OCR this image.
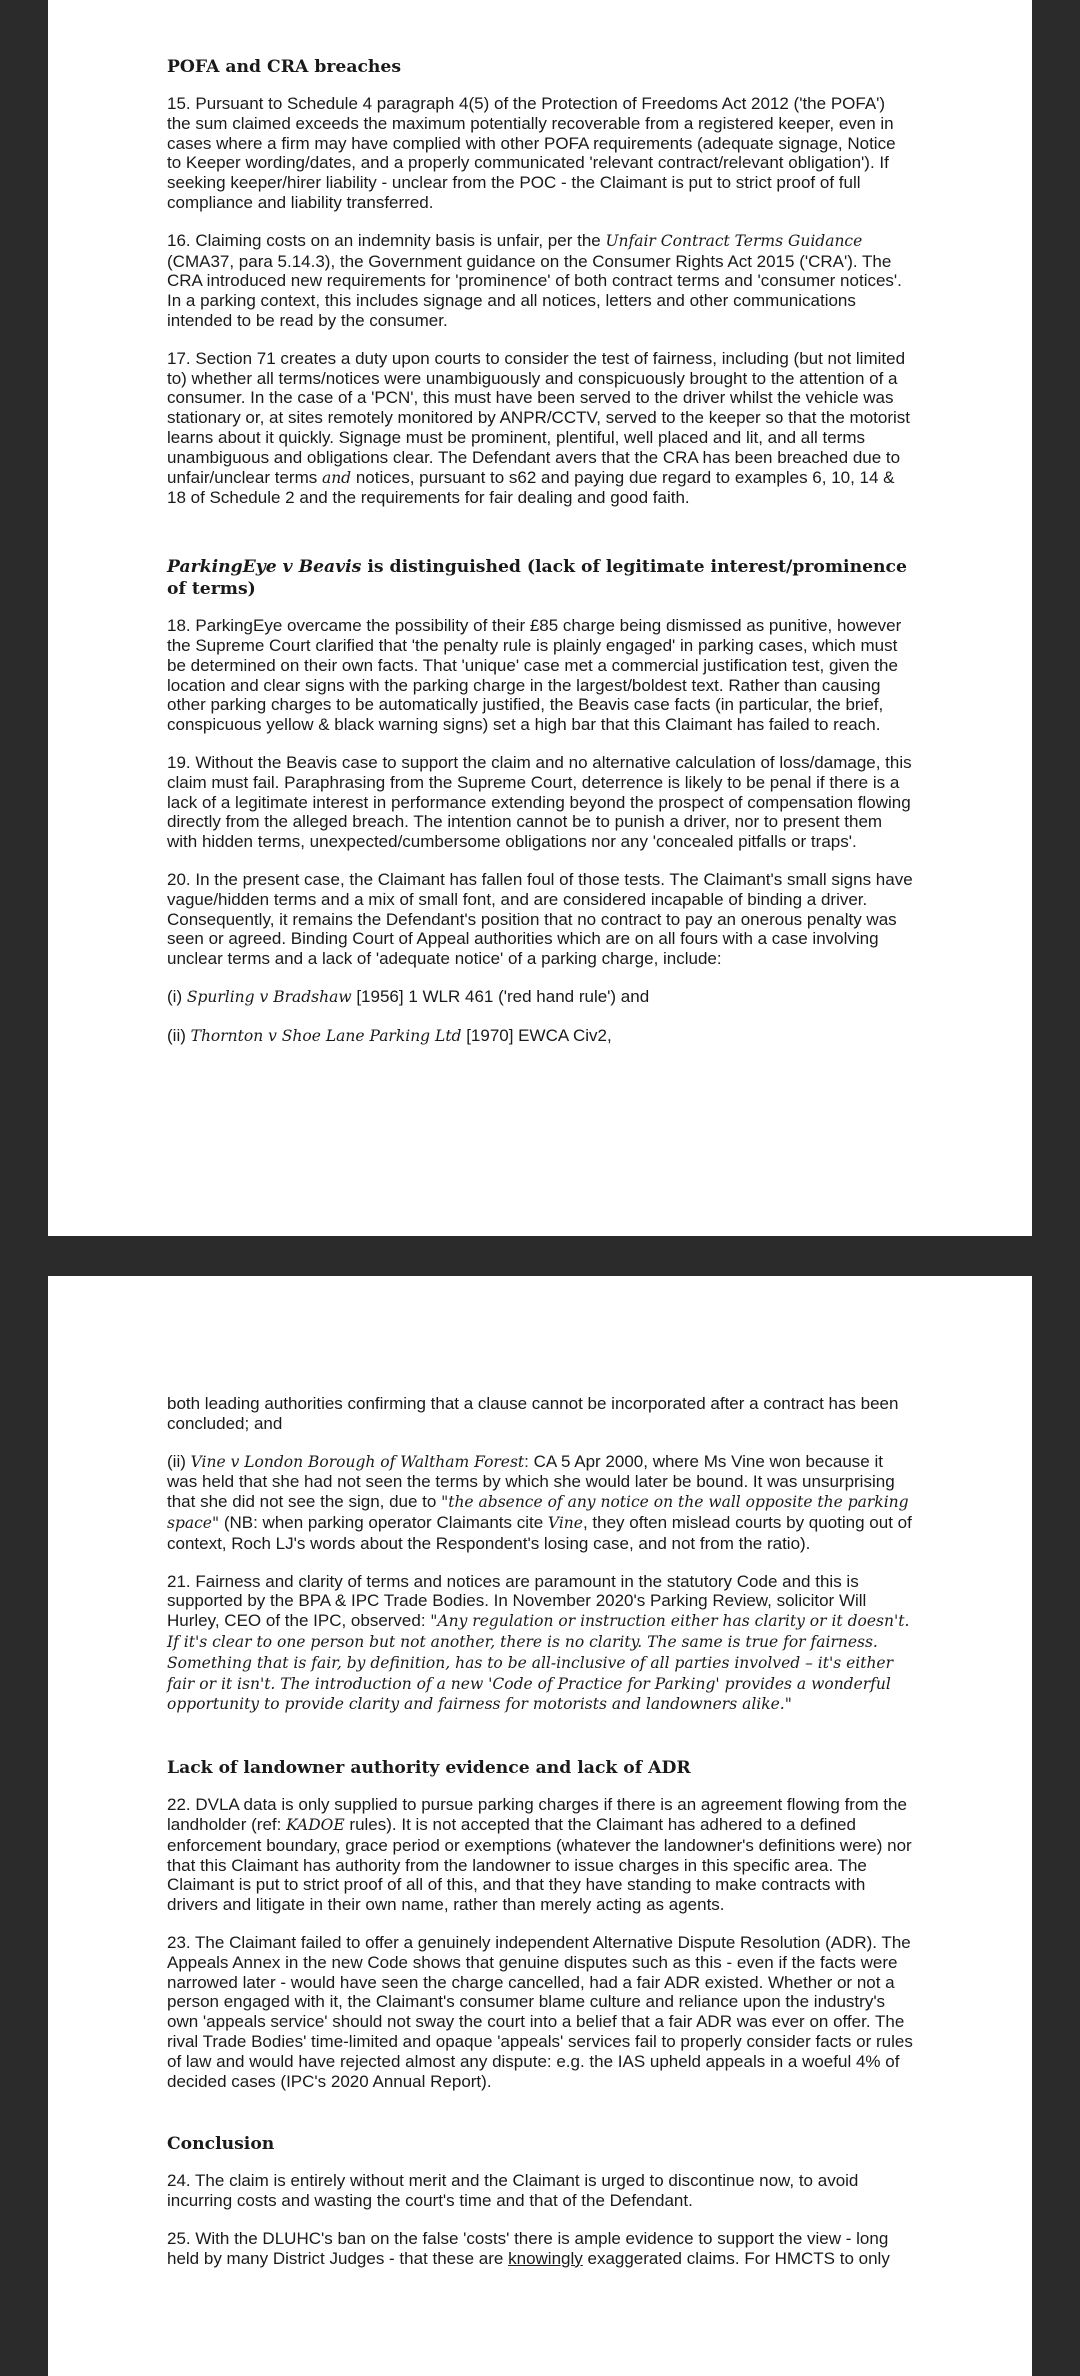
POFA and CRA breaches

15. Pursuant to Schedule 4 paragraph 4(5) of the Protection of Freedoms Act 2012 ('the POFA') the sum claimed exceeds the maximum potentially recoverable from a registered keeper, even in cases where a firm may have complied with other POFA requirements (adequate signage, Notice to Keeper wording/dates, and a properly communicated 'relevant contract/relevant obligation'). If seeking keeper/hirer liability - unclear from the POC - the Claimant is put to strict proof of full compliance and liability transferred.

16. Claiming costs on an indemnity basis is unfair, per the Unfair Contract Terms Guidance (CMA37, para 5.14.3), the Government guidance on the Consumer Rights Act 2015 ('CRA'). The CRA introduced new requirements for 'prominence' of both contract terms and 'consumer notices'. In a parking context, this includes signage and all notices, letters and other communications intended to be read by the consumer.

17. Section 71 creates a duty upon courts to consider the test of fairness, including (but not limited to) whether all terms/notices were unambiguously and conspicuously brought to the attention of a consumer. In the case of a 'PCN', this must have been served to the driver whilst the vehicle was stationary or, at sites remotely monitored by ANPR/CCTV, served to the keeper so that the motorist learns about it quickly. Signage must be prominent, plentiful, well placed and lit, and all terms unambiguous and obligations clear. The Defendant avers that the CRA has been breached due to unfair/unclear terms and notices, pursuant to s62 and paying due regard to examples 6, 10, 14 & 18 of Schedule 2 and the requirements for fair dealing and good faith.

ParkingEye v Beavis is distinguished (lack of legitimate interest/prominence of terms)

18. ParkingEye overcame the possibility of their £85 charge being dismissed as punitive, however the Supreme Court clarified that 'the penalty rule is plainly engaged' in parking cases, which must be determined on their own facts. That 'unique' case met a commercial justification test, given the location and clear signs with the parking charge in the largest/boldest text. Rather than causing other parking charges to be automatically justified, the Beavis case facts (in particular, the brief, conspicuous yellow & black warning signs) set a high bar that this Claimant has failed to reach.

19. Without the Beavis case to support the claim and no alternative calculation of loss/damage, this claim must fail. Paraphrasing from the Supreme Court, deterrence is likely to be penal if there is a lack of a legitimate interest in performance extending beyond the prospect of compensation flowing directly from the alleged breach. The intention cannot be to punish a driver, nor to present them with hidden terms, unexpected/cumbersome obligations nor any 'concealed pitfalls or traps'.

20. In the present case, the Claimant has fallen foul of those tests. The Claimant's small signs have vague/hidden terms and a mix of small font, and are considered incapable of binding a driver. Consequently, it remains the Defendant's position that no contract to pay an onerous penalty was seen or agreed. Binding Court of Appeal authorities which are on all fours with a case involving unclear terms and a lack of 'adequate notice' of a parking charge, include:

(i) Spurling v Bradshaw [1956] 1 WLR 461 ('red hand rule') and

(ii) Thornton v Shoe Lane Parking Ltd [1970] EWCA Civ2,

both leading authorities confirming that a clause cannot be incorporated after a contract has been concluded; and

(ii) Vine v London Borough of Waltham Forest: CA 5 Apr 2000, where Ms Vine won because it was held that she had not seen the terms by which she would later be bound. It was unsurprising that she did not see the sign, due to "the absence of any notice on the wall opposite the parking space" (NB: when parking operator Claimants cite Vine, they often mislead courts by quoting out of context, Roch LJ's words about the Respondent's losing case, and not from the ratio).

21. Fairness and clarity of terms and notices are paramount in the statutory Code and this is supported by the BPA & IPC Trade Bodies. In November 2020's Parking Review, solicitor Will Hurley, CEO of the IPC, observed: "Any regulation or instruction either has clarity or it doesn't. If it's clear to one person but not another, there is no clarity. The same is true for fairness. Something that is fair, by definition, has to be all-inclusive of all parties involved – it's either fair or it isn't. The introduction of a new 'Code of Practice for Parking' provides a wonderful opportunity to provide clarity and fairness for motorists and landowners alike."

Lack of landowner authority evidence and lack of ADR

22. DVLA data is only supplied to pursue parking charges if there is an agreement flowing from the landholder (ref: KADOE rules). It is not accepted that the Claimant has adhered to a defined enforcement boundary, grace period or exemptions (whatever the landowner's definitions were) nor that this Claimant has authority from the landowner to issue charges in this specific area. The Claimant is put to strict proof of all of this, and that they have standing to make contracts with drivers and litigate in their own name, rather than merely acting as agents.

23. The Claimant failed to offer a genuinely independent Alternative Dispute Resolution (ADR). The Appeals Annex in the new Code shows that genuine disputes such as this - even if the facts were narrowed later - would have seen the charge cancelled, had a fair ADR existed. Whether or not a person engaged with it, the Claimant's consumer blame culture and reliance upon the industry's own 'appeals service' should not sway the court into a belief that a fair ADR was ever on offer. The rival Trade Bodies' time-limited and opaque 'appeals' services fail to properly consider facts or rules of law and would have rejected almost any dispute: e.g. the IAS upheld appeals in a woeful 4% of decided cases (IPC's 2020 Annual Report).

Conclusion

24. The claim is entirely without merit and the Claimant is urged to discontinue now, to avoid incurring costs and wasting the court's time and that of the Defendant.

25. With the DLUHC's ban on the false 'costs' there is ample evidence to support the view - long held by many District Judges - that these are knowingly exaggerated claims. For HMCTS to only
